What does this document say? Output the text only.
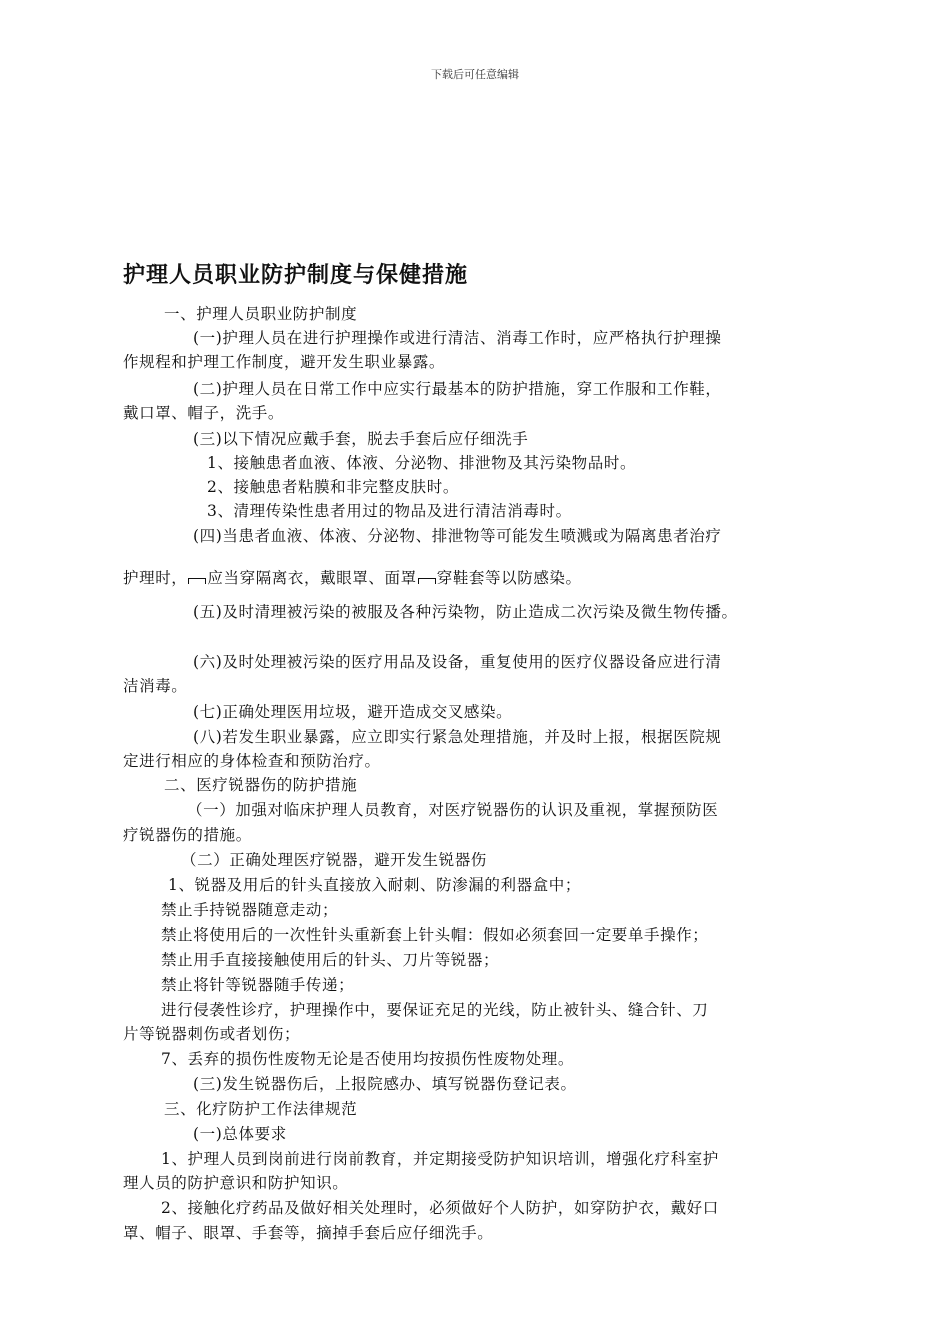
下载后可任意编辑
护理人员职业防护制度与保健措施
一、护理人员职业防护制度
(一)护理人员在进行护理操作或进行清洁、消毒工作时，应严格执行护理操
作规程和护理工作制度，避开发生职业暴露。
(二)护理人员在日常工作中应实行最基本的防护措施，穿工作服和工作鞋，
戴口罩、帽子，洗手。
(三)以下情况应戴手套，脱去手套后应仔细洗手
1、接触患者血液、体液、分泌物、排泄物及其污染物品时。
2、接触患者粘膜和非完整皮肤时。
3、清理传染性患者用过的物品及进行清洁消毒时。
(四)当患者血液、体液、分泌物、排泄物等可能发生喷溅或为隔离患者治疗
护理时， 应当穿隔离衣，戴眼罩、面罩 穿鞋套等以防感染。
(五)及时清理被污染的被服及各种污染物，防止造成二次污染及微生物传播。
(六)及时处理被污染的医疗用品及设备，重复使用的医疗仪器设备应进行清
洁消毒。
(七)正确处理医用垃圾，避开造成交叉感染。
(八)若发生职业暴露，应立即实行紧急处理措施，并及时上报，根据医院规
定进行相应的身体检查和预防治疗。
二、医疗锐器伤的防护措施
（一）加强对临床护理人员教育，对医疗锐器伤的认识及重视，掌握预防医
疗锐器伤的措施。
（二）正确处理医疗锐器，避开发生锐器伤
1、锐器及用后的针头直接放入耐刺、防渗漏的利器盒中；
禁止手持锐器随意走动；
禁止将使用后的一次性针头重新套上针头帽：假如必须套回一定要单手操作；
禁止用手直接接触使用后的针头、刀片等锐器；
禁止将针等锐器随手传递；
进行侵袭性诊疗，护理操作中，要保证充足的光线，防止被针头、缝合针、刀
片等锐器刺伤或者划伤；
7、丢弃的损伤性废物无论是否使用均按损伤性废物处理。
(三)发生锐器伤后，上报院感办、填写锐器伤登记表。
三、化疗防护工作法律规范
(一)总体要求
1、护理人员到岗前进行岗前教育，并定期接受防护知识培训，增强化疗科室护
理人员的防护意识和防护知识。
2、接触化疗药品及做好相关处理时，必须做好个人防护，如穿防护衣，戴好口
罩、帽子、眼罩、手套等，摘掉手套后应仔细洗手。
